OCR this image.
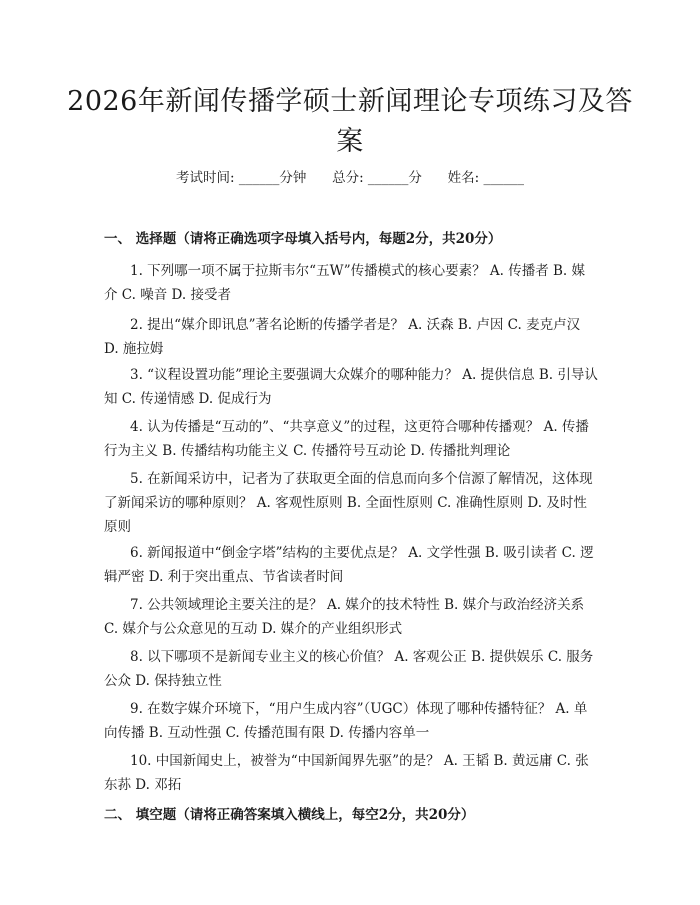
2026年新闻传播学硕士新闻理论专项练习及答案
考试时间: ______分钟      总分: ______分      姓名: ______
一、 选择题（请将正确选项字母填入括号内，每题2分，共20分）

1. 下列哪一项不属于拉斯韦尔“五W”传播模式的核心要素？ A. 传播者 B. 媒介 C. 噪音 D. 接受者

2. 提出“媒介即讯息”著名论断的传播学者是？ A. 沃森 B. 卢因 C. 麦克卢汉 D. 施拉姆

3. “议程设置功能”理论主要强调大众媒介的哪种能力？ A. 提供信息 B. 引导认知 C. 传递情感 D. 促成行为

4. 认为传播是“互动的”、“共享意义”的过程，这更符合哪种传播观？ A. 传播行为主义 B. 传播结构功能主义 C. 传播符号互动论 D. 传播批判理论

5. 在新闻采访中，记者为了获取更全面的信息而向多个信源了解情况，这体现了新闻采访的哪种原则？ A. 客观性原则 B. 全面性原则 C. 准确性原则 D. 及时性原则

6. 新闻报道中“倒金字塔”结构的主要优点是？ A. 文学性强 B. 吸引读者 C. 逻辑严密 D. 利于突出重点、节省读者时间

7. 公共领域理论主要关注的是？ A. 媒介的技术特性 B. 媒介与政治经济关系 C. 媒介与公众意见的互动 D. 媒介的产业组织形式

8. 以下哪项不是新闻专业主义的核心价值？ A. 客观公正 B. 提供娱乐 C. 服务公众 D. 保持独立性

9. 在数字媒介环境下，“用户生成内容”（UGC）体现了哪种传播特征？ A. 单向传播 B. 互动性强 C. 传播范围有限 D. 传播内容单一

10. 中国新闻史上，被誉为“中国新闻界先驱”的是？ A. 王韬 B. 黄远庸 C. 张东荪 D. 邓拓

二、 填空题（请将正确答案填入横线上，每空2分，共20分）
